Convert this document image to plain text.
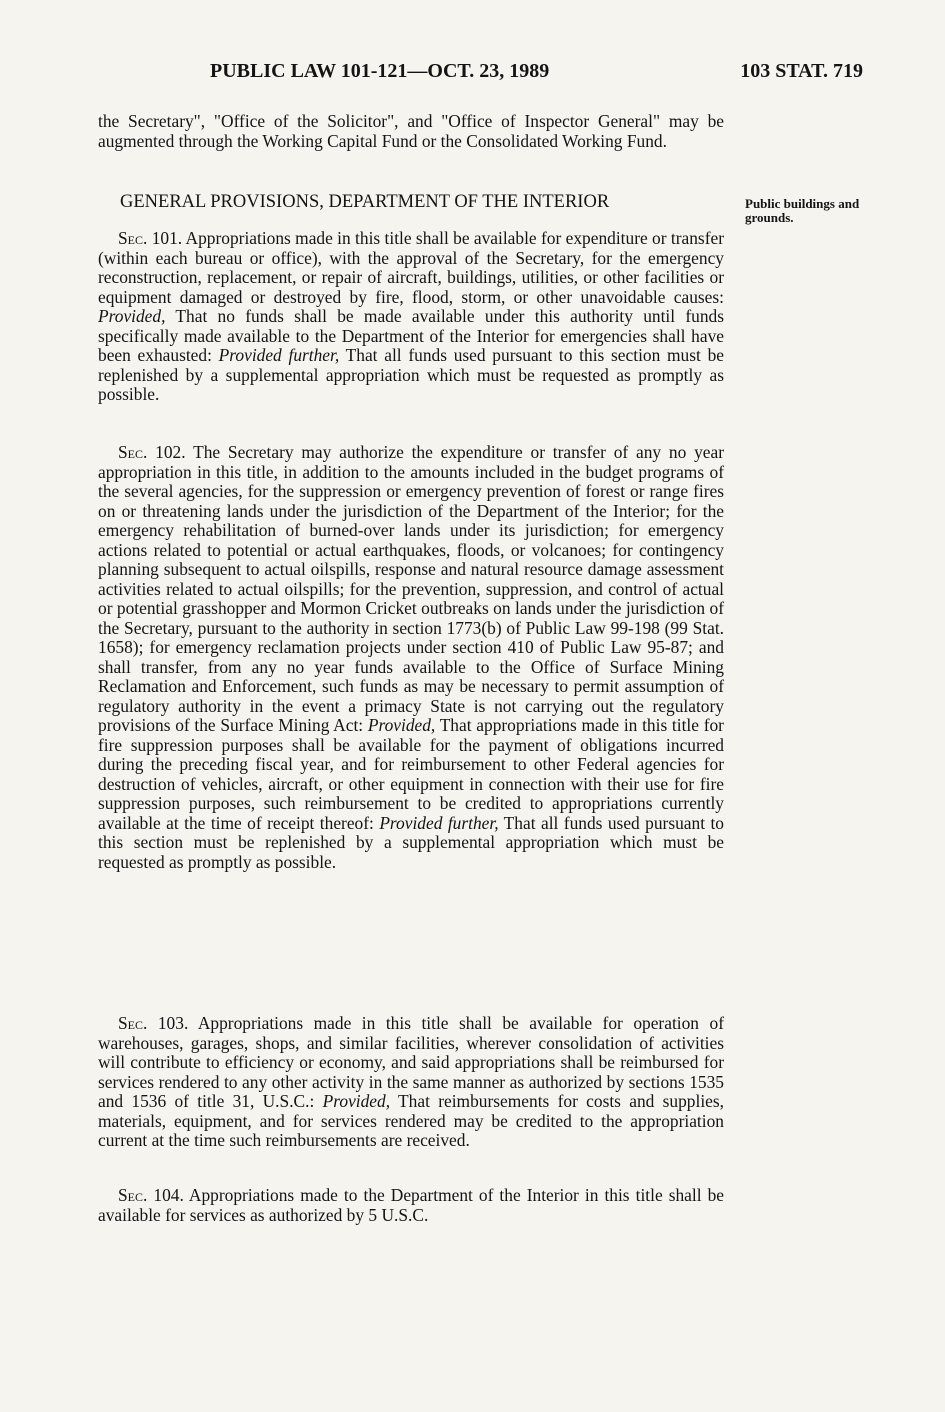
PUBLIC LAW 101-121—OCT. 23, 1989	103 STAT. 719
the Secretary", "Office of the Solicitor", and "Office of Inspector General" may be augmented through the Working Capital Fund or the Consolidated Working Fund.
GENERAL PROVISIONS, DEPARTMENT OF THE INTERIOR	Public buildings and grounds.

Sec. 101. Appropriations made in this title shall be available for expenditure or transfer (within each bureau or office), with the approval of the Secretary, for the emergency reconstruction, replacement, or repair of aircraft, buildings, utilities, or other facilities or equipment damaged or destroyed by fire, flood, storm, or other unavoidable causes: Provided, That no funds shall be made available under this authority until funds specifically made available to the Department of the Interior for emergencies shall have been exhausted: Provided further, That all funds used pursuant to this section must be replenished by a supplemental appropriation which must be requested as promptly as possible.

Sec. 102. The Secretary may authorize the expenditure or transfer of any no year appropriation in this title, in addition to the amounts included in the budget programs of the several agencies, for the suppression or emergency prevention of forest or range fires on or threatening lands under the jurisdiction of the Department of the Interior; for the emergency rehabilitation of burned-over lands under its jurisdiction; for emergency actions related to potential or actual earthquakes, floods, or volcanoes; for contingency planning subsequent to actual oilspills, response and natural resource damage assessment activities related to actual oilspills; for the prevention, suppression, and control of actual or potential grasshopper and Mormon Cricket outbreaks on lands under the jurisdiction of the Secretary, pursuant to the authority in section 1773(b) of Public Law 99-198 (99 Stat. 1658); for emergency reclamation projects under section 410 of Public Law 95-87; and shall transfer, from any no year funds available to the Office of Surface Mining Reclamation and Enforcement, such funds as may be necessary to permit assumption of regulatory authority in the event a primacy State is not carrying out the regulatory provisions of the Surface Mining Act: Provided, That appropriations made in this title for fire suppression purposes shall be available for the payment of obligations incurred during the preceding fiscal year, and for reimbursement to other Federal agencies for destruction of vehicles, aircraft, or other equipment in connection with their use for fire suppression purposes, such reimbursement to be credited to appropriations currently available at the time of receipt thereof: Provided further, That all funds used pursuant to this section must be replenished by a supplemental appropriation which must be requested as promptly as possible.

Sec. 103. Appropriations made in this title shall be available for operation of warehouses, garages, shops, and similar facilities, wherever consolidation of activities will contribute to efficiency or economy, and said appropriations shall be reimbursed for services rendered to any other activity in the same manner as authorized by sections 1535 and 1536 of title 31, U.S.C.: Provided, That reimbursements for costs and supplies, materials, equipment, and for services rendered may be credited to the appropriation current at the time such reimbursements are received.

Sec. 104. Appropriations made to the Department of the Interior in this title shall be available for services as authorized by 5 U.S.C.
